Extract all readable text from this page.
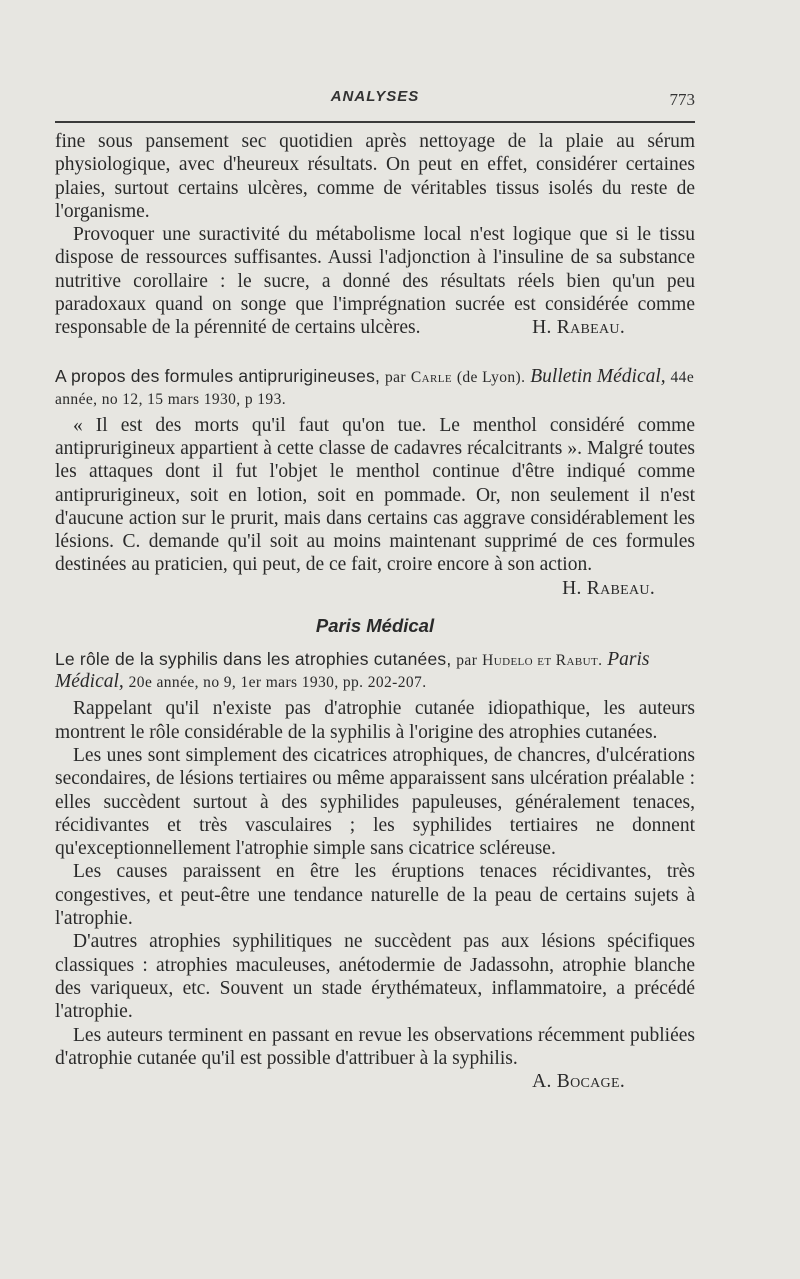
ANALYSES	773

fine sous pansement sec quotidien après nettoyage de la plaie au sérum physiologique, avec d'heureux résultats. On peut en effet, considérer certaines plaies, surtout certains ulcères, comme de véritables tissus isolés du reste de l'organisme.

Provoquer une suractivité du métabolisme local n'est logique que si le tissu dispose de ressources suffisantes. Aussi l'adjonction à l'insuline de sa substance nutritive corollaire : le sucre, a donné des résultats réels bien qu'un peu paradoxaux quand on songe que l'imprégnation sucrée est considérée comme responsable de la pérennité de certains ulcères.	H. Rabeau.

A propos des formules antiprurigineuses, par Carle (de Lyon). Bulletin Médical, 44e année, no 12, 15 mars 1930, p 193.

« Il est des morts qu'il faut qu'on tue. Le menthol considéré comme antiprurigineux appartient à cette classe de cadavres récalcitrants ». Malgré toutes les attaques dont il fut l'objet le menthol continue d'être indiqué comme antiprurigineux, soit en lotion, soit en pommade. Or, non seulement il n'est d'aucune action sur le prurit, mais dans certains cas aggrave considérablement les lésions. C. demande qu'il soit au moins maintenant supprimé de ces formules destinées au praticien, qui peut, de ce fait, croire encore à son action.

H. Rabeau.

Paris Médical
Le rôle de la syphilis dans les atrophies cutanées, par Hudelo et Rabut. Paris Médical, 20e année, no 9, 1er mars 1930, pp. 202-207.

Rappelant qu'il n'existe pas d'atrophie cutanée idiopathique, les auteurs montrent le rôle considérable de la syphilis à l'origine des atrophies cutanées.

Les unes sont simplement des cicatrices atrophiques, de chancres, d'ulcérations secondaires, de lésions tertiaires ou même apparaissent sans ulcération préalable : elles succèdent surtout à des syphilides papuleuses, généralement tenaces, récidivantes et très vasculaires ; les syphilides tertiaires ne donnent qu'exceptionnellement l'atrophie simple sans cicatrice scléreuse.

Les causes paraissent en être les éruptions tenaces récidivantes, très congestives, et peut-être une tendance naturelle de la peau de certains sujets à l'atrophie.

D'autres atrophies syphilitiques ne succèdent pas aux lésions spécifiques classiques : atrophies maculeuses, anétodermie de Jadassohn, atrophie blanche des variqueux, etc. Souvent un stade érythémateux, inflammatoire, a précédé l'atrophie.

Les auteurs terminent en passant en revue les observations récemment publiées d'atrophie cutanée qu'il est possible d'attribuer à la syphilis.
A. Bocage.
